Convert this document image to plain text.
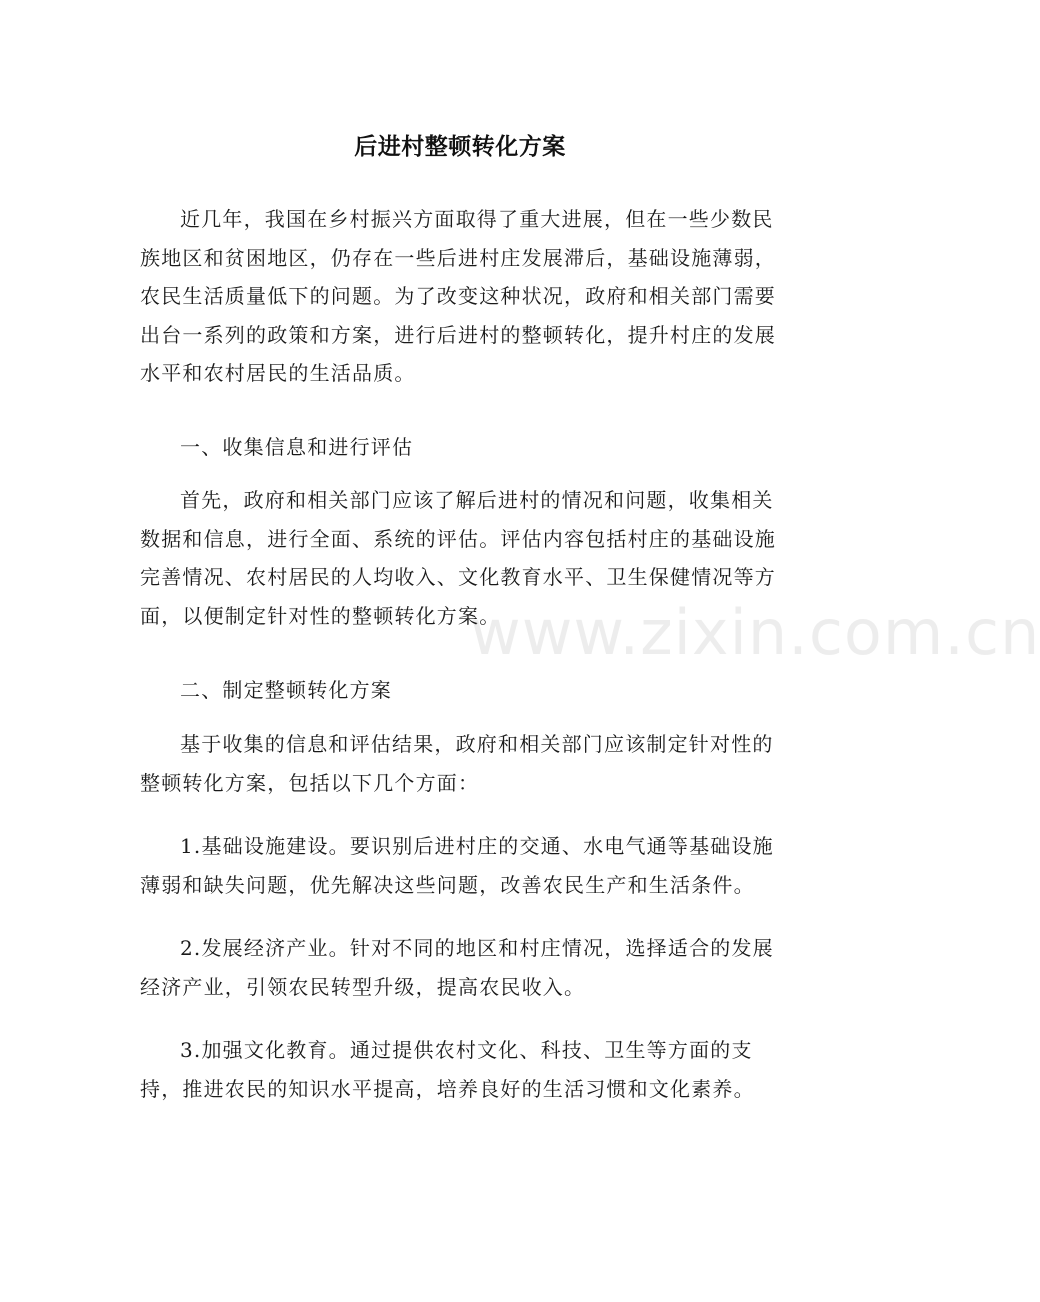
后进村整顿转化方案

近几年，我国在乡村振兴方面取得了重大进展，但在一些少数民族地区和贫困地区，仍存在一些后进村庄发展滞后，基础设施薄弱，农民生活质量低下的问题。为了改变这种状况，政府和相关部门需要出台一系列的政策和方案，进行后进村的整顿转化，提升村庄的发展水平和农村居民的生活品质。

一、收集信息和进行评估

首先，政府和相关部门应该了解后进村的情况和问题，收集相关数据和信息，进行全面、系统的评估。评估内容包括村庄的基础设施完善情况、农村居民的人均收入、文化教育水平、卫生保健情况等方面，以便制定针对性的整顿转化方案。

二、制定整顿转化方案

基于收集的信息和评估结果，政府和相关部门应该制定针对性的整顿转化方案，包括以下几个方面：

1.基础设施建设。要识别后进村庄的交通、水电气通等基础设施薄弱和缺失问题，优先解决这些问题，改善农民生产和生活条件。

2.发展经济产业。针对不同的地区和村庄情况，选择适合的发展经济产业，引领农民转型升级，提高农民收入。

3.加强文化教育。通过提供农村文化、科技、卫生等方面的支持，推进农民的知识水平提高，培养良好的生活习惯和文化素养。

www.zixin.com.cn
